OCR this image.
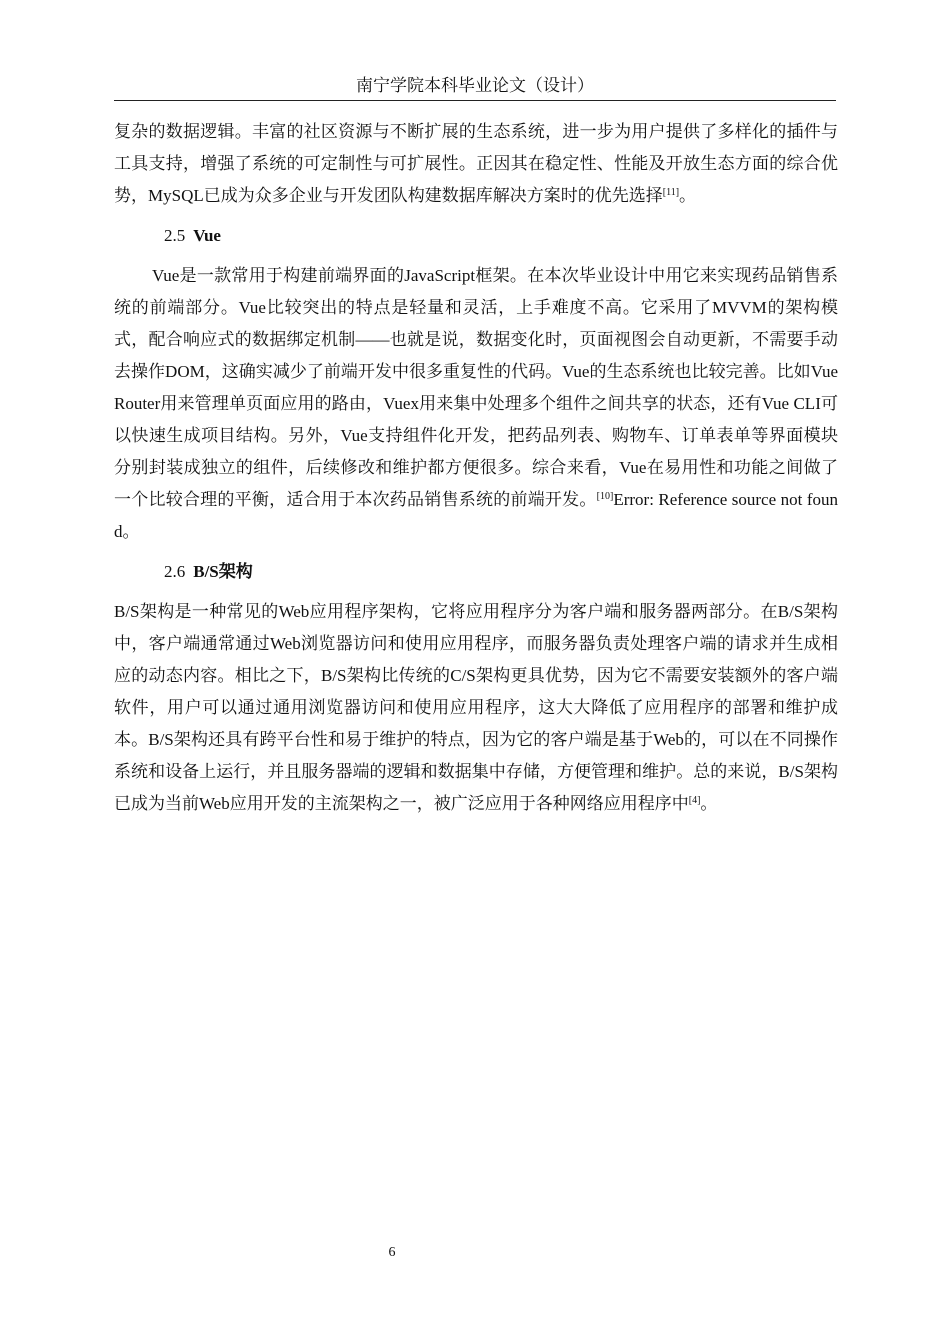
南宁学院本科毕业论文（设计）

复杂的数据逻辑。丰富的社区资源与不断扩展的生态系统，进一步为用户提供了多样化的插件与工具支持，增强了系统的可定制性与可扩展性。正因其在稳定性、性能及开放生态方面的综合优势，MySQL已成为众多企业与开发团队构建数据库解决方案时的优先选择[11]。

2.5 Vue

Vue是一款常用于构建前端界面的JavaScript框架。在本次毕业设计中用它来实现药品销售系统的前端部分。Vue比较突出的特点是轻量和灵活，上手难度不高。它采用了MVVM的架构模式，配合响应式的数据绑定机制——也就是说，数据变化时，页面视图会自动更新，不需要手动去操作DOM，这确实减少了前端开发中很多重复性的代码。Vue的生态系统也比较完善。比如Vue Router用来管理单页面应用的路由，Vuex用来集中处理多个组件之间共享的状态，还有Vue CLI可以快速生成项目结构。另外，Vue支持组件化开发，把药品列表、购物车、订单表单等界面模块分别封装成独立的组件，后续修改和维护都方便很多。综合来看，Vue在易用性和功能之间做了一个比较合理的平衡，适合用于本次药品销售系统的前端开发。[10]Error: Reference source not found。

2.6 B/S架构

B/S架构是一种常见的Web应用程序架构，它将应用程序分为客户端和服务器两部分。在B/S架构中，客户端通常通过Web浏览器访问和使用应用程序，而服务器负责处理客户端的请求并生成相应的动态内容。相比之下，B/S架构比传统的C/S架构更具优势，因为它不需要安装额外的客户端软件，用户可以通过通用浏览器访问和使用应用程序，这大大降低了应用程序的部署和维护成本。B/S架构还具有跨平台性和易于维护的特点，因为它的客户端是基于Web的，可以在不同操作系统和设备上运行，并且服务器端的逻辑和数据集中存储，方便管理和维护。总的来说，B/S架构已成为当前Web应用开发的主流架构之一，被广泛应用于各种网络应用程序中[4]。

6
